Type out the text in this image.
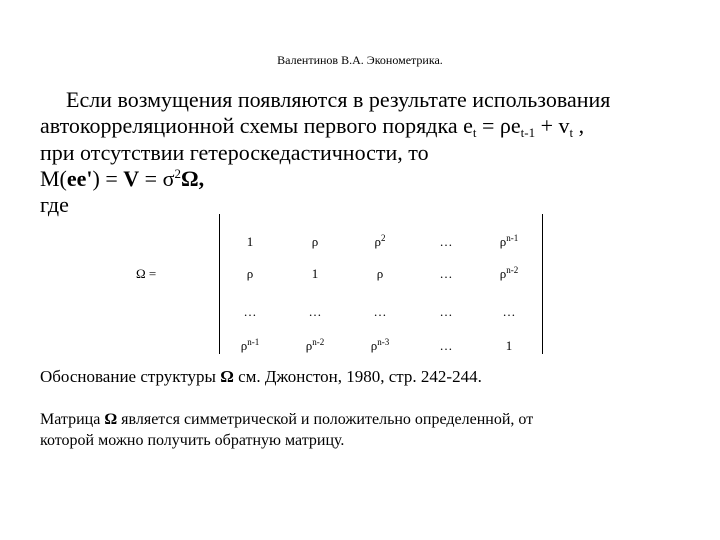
Валентинов В.А. Эконометрика.
Если возмущения появляются в результате использования
автокорреляционной схемы первого порядка $e_t = \rho e_{t-1} + v_t$ ,
при отсутствии гетероскедастичности, то
$M(ee') = V = \sigma^2\Omega$,
где
Ω =
1	ρ	$\rho^2$	…	$\rho^{n-1}$
ρ	1	ρ	…	$\rho^{n-2}$
…	…	…	…	…
$\rho^{n-1}$	$\rho^{n-2}$	$\rho^{n-3}$	…	1
Обоснование структуры Ω см. Джонстон, 1980, стр. 242-244.
Матрица Ω является симметрической и положительно определенной, от
которой можно получить обратную матрицу.
